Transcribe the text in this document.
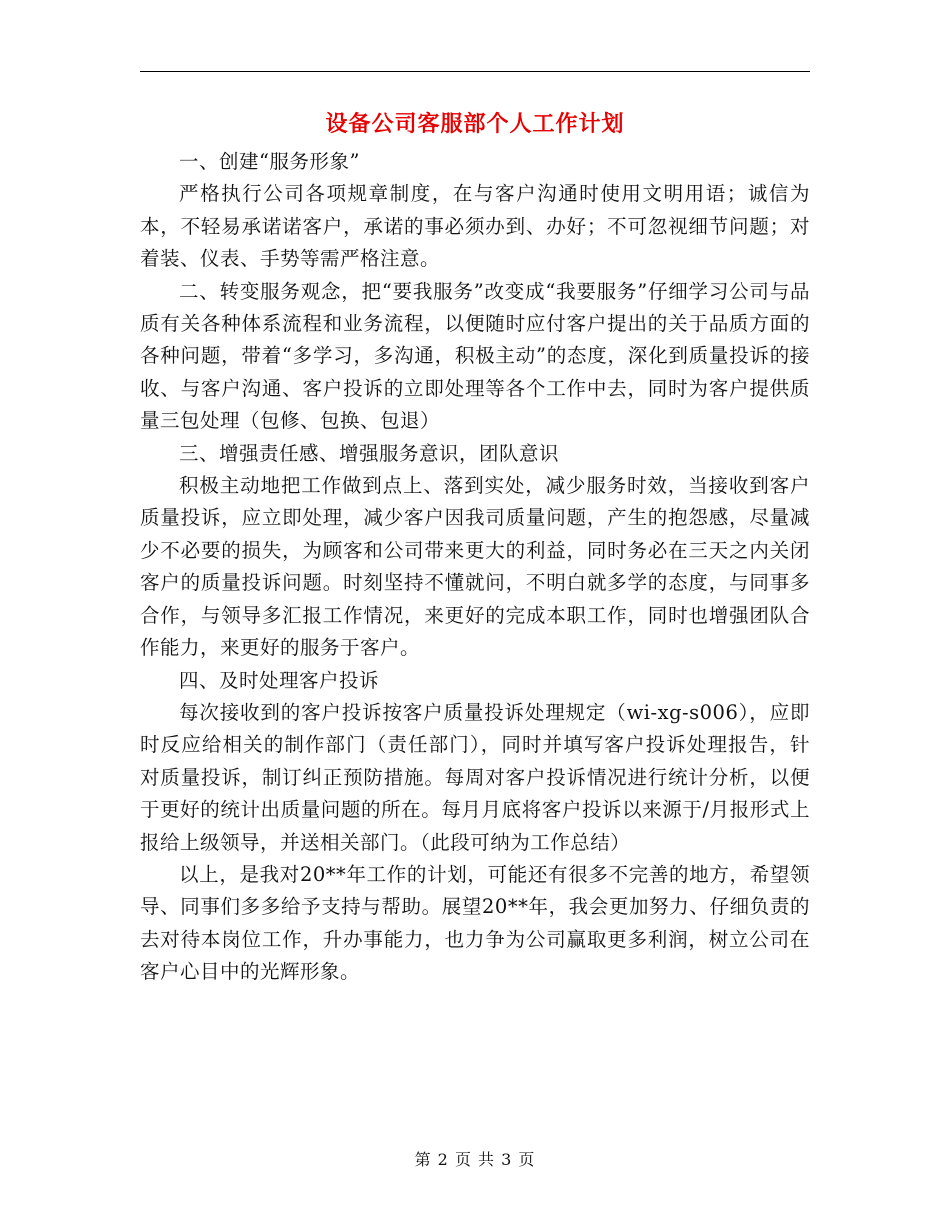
设备公司客服部个人工作计划

一、创建“服务形象”

严格执行公司各项规章制度，在与客户沟通时使用文明用语；诚信为本，不轻易承诺诺客户，承诺的事必须办到、办好；不可忽视细节问题；对着装、仪表、手势等需严格注意。

二、转变服务观念，把“要我服务”改变成“我要服务”仔细学习公司与品质有关各种体系流程和业务流程，以便随时应付客户提出的关于品质方面的各种问题，带着“多学习，多沟通，积极主动”的态度，深化到质量投诉的接收、与客户沟通、客户投诉的立即处理等各个工作中去，同时为客户提供质量三包处理（包修、包换、包退）

三、增强责任感、增强服务意识，团队意识

积极主动地把工作做到点上、落到实处，减少服务时效，当接收到客户质量投诉，应立即处理，减少客户因我司质量问题，产生的抱怨感，尽量减少不必要的损失，为顾客和公司带来更大的利益，同时务必在三天之内关闭客户的质量投诉问题。时刻坚持不懂就问，不明白就多学的态度，与同事多合作，与领导多汇报工作情况，来更好的完成本职工作，同时也增强团队合作能力，来更好的服务于客户。

四、及时处理客户投诉

每次接收到的客户投诉按客户质量投诉处理规定（wi-xg-s006），应即时反应给相关的制作部门（责任部门），同时并填写客户投诉处理报告，针对质量投诉，制订纠正预防措施。每周对客户投诉情况进行统计分析，以便于更好的统计出质量问题的所在。每月月底将客户投诉以来源于/月报形式上报给上级领导，并送相关部门。（此段可纳为工作总结）

以上，是我对20**年工作的计划，可能还有很多不完善的地方，希望领导、同事们多多给予支持与帮助。展望20**年，我会更加努力、仔细负责的去对待本岗位工作，升办事能力，也力争为公司赢取更多利润，树立公司在客户心目中的光辉形象。

第 2 页 共 3 页
